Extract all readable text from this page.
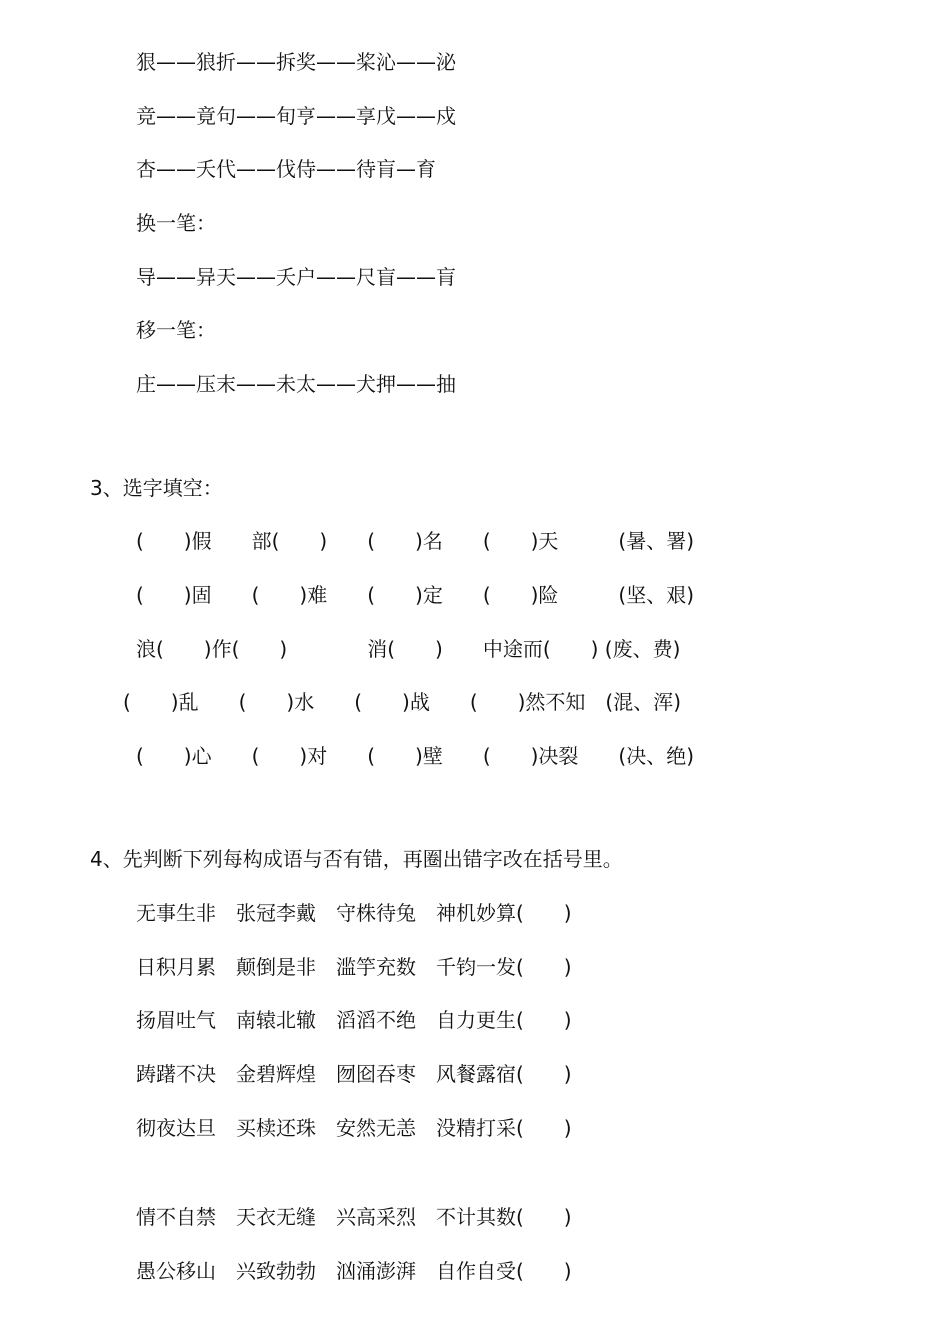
狠——狼折——拆奖——桨沁——泌
竞——竟句——旬亨——享戊——戍
杏——夭代——伐侍——待肓—育
换一笔：
导——异天——夭户——尺盲——肓
移一笔：
庄——压末——未太——犬押——抽
3、选字填空：
(　　)假　　部(　　)　　(　　)名　　(　　)天　　　(暑、署)
(　　)固　　(　　)难　　(　　)定　　(　　)险　　　(坚、艰)
浪(　　)作(　　)　　　　消(　　)　　中途而(　　) (废、费)
(　　)乱　　(　　)水　　(　　)战　　(　　)然不知　(混、浑)
(　　)心　　(　　)对　　(　　)壁　　(　　)决裂　　(决、绝)
4、先判断下列每构成语与否有错，再圈出错字改在括号里。
无事生非　张冠李戴　守株待兔　神机妙算(　　)
日积月累　颠倒是非　滥竽充数　千钧一发(　　)
扬眉吐气　南辕北辙　滔滔不绝　自力更生(　　)
踌躇不决　金碧辉煌　囫囵吞枣　风餐露宿(　　)
彻夜达旦　买椟还珠　安然无恙　没精打采(　　)
情不自禁　天衣无缝　兴高采烈　不计其数(　　)
愚公移山　兴致勃勃　汹涌澎湃　自作自受(　　)
